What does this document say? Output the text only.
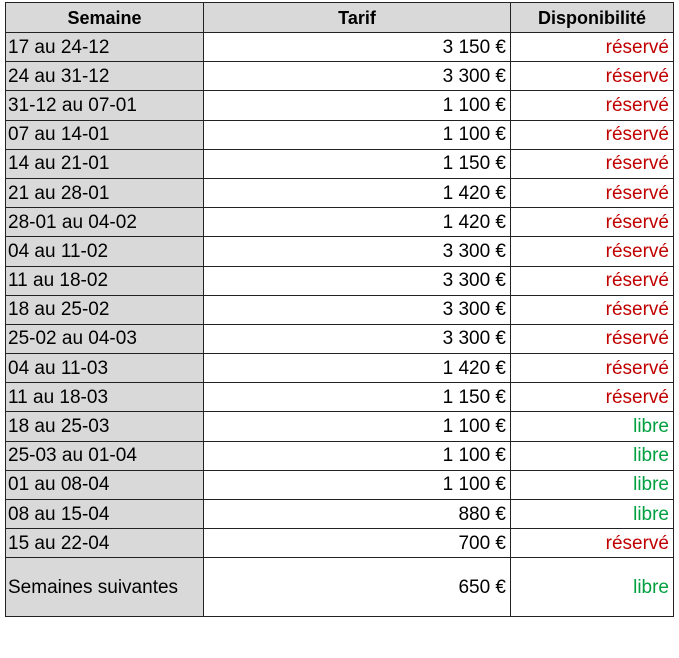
Semaine	Tarif	Disponibilité
17 au 24-12	3 150 €	réservé
24 au 31-12	3 300 €	réservé
31-12 au 07-01	1 100 €	réservé
07 au 14-01	1 100 €	réservé
14 au 21-01	1 150 €	réservé
21 au 28-01	1 420 €	réservé
28-01 au 04-02	1 420 €	réservé
04 au 11-02	3 300 €	réservé
11 au 18-02	3 300 €	réservé
18 au 25-02	3 300 €	réservé
25-02 au 04-03	3 300 €	réservé
04 au 11-03	1 420 €	réservé
11 au 18-03	1 150 €	réservé
18 au 25-03	1 100 €	libre
25-03 au 01-04	1 100 €	libre
01 au 08-04	1 100 €	libre
08 au 15-04	880 €	libre
15 au 22-04	700 €	réservé
Semaines suivantes	650 €	libre
